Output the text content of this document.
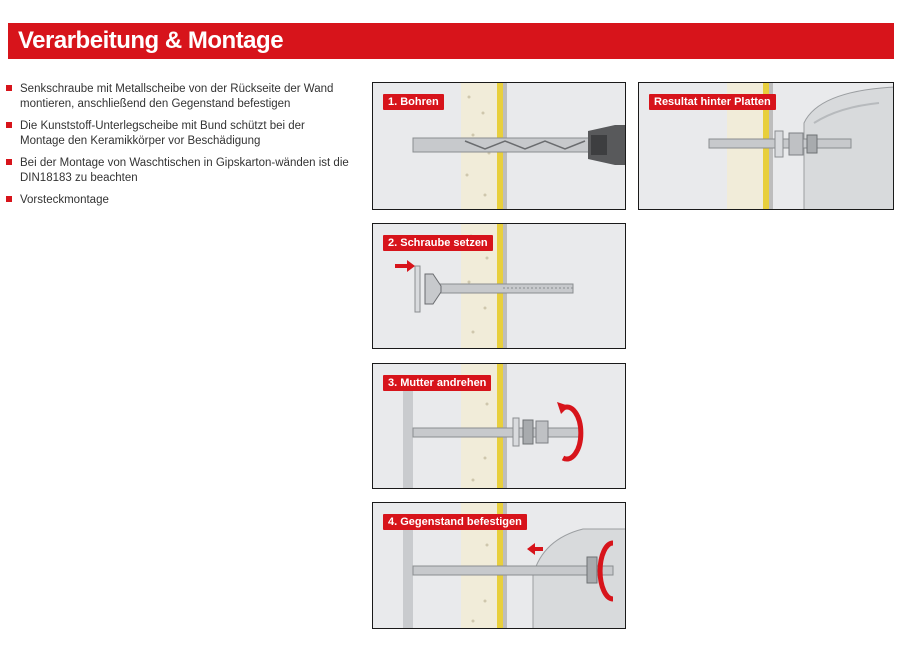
Verarbeitung & Montage
Senkschraube mit Metallscheibe von der Rückseite der Wand montieren, anschließend den Gegenstand befestigen
Die Kunststoff-Unterlegscheibe mit Bund schützt bei der Montage den Keramikkörper vor Beschädigung
Bei der Montage von Waschtischen in Gipskarton-wänden ist die DIN18183 zu beachten
Vorsteckmontage
1. Bohren	Resultat hinter Platten
2. Schraube setzen
3. Mutter andrehen
4. Gegenstand befestigen
